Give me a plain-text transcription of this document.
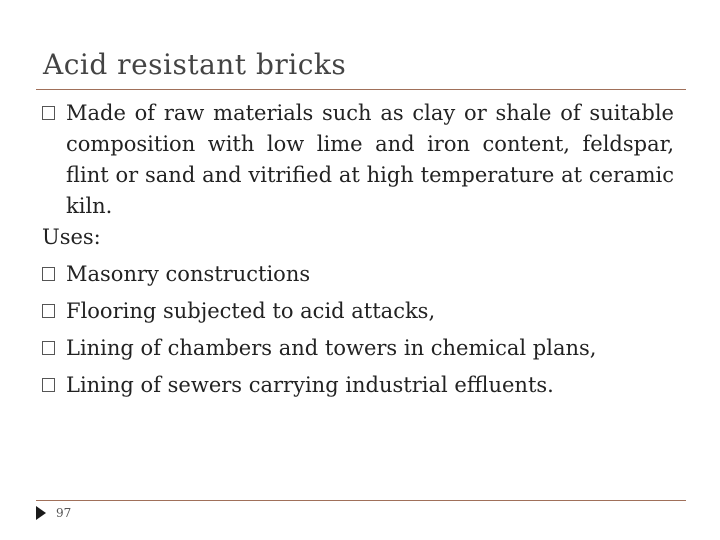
Acid resistant bricks
Made of raw materials such as clay or shale of suitable composition with low lime and iron content, feldspar, flint or sand and vitrified at high temperature at ceramic kiln.
Uses:
Masonry constructions
Flooring subjected to acid attacks,
Lining of chambers and towers in chemical plans,
Lining of sewers carrying industrial effluents.
97
